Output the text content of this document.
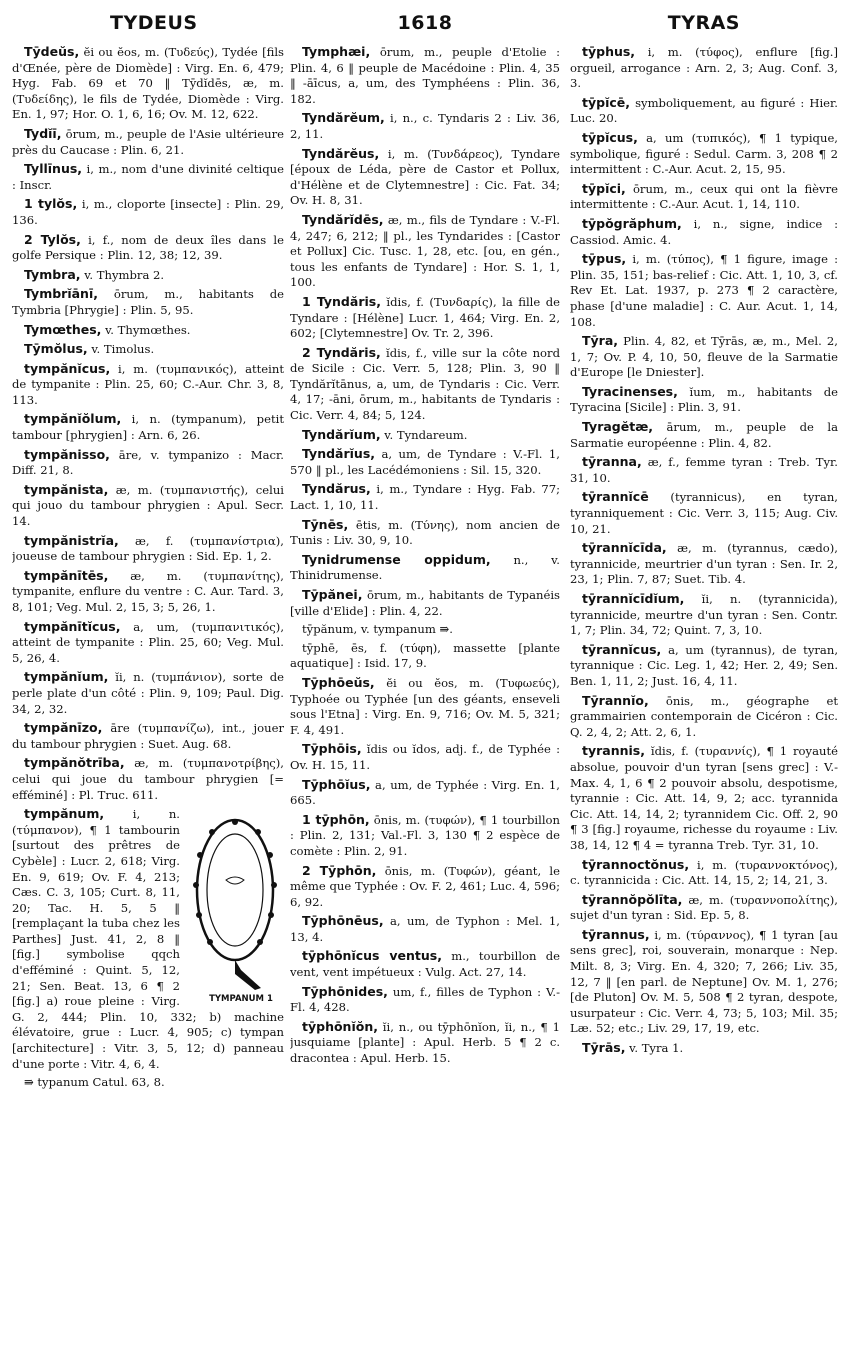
TYDEUS	1618	TYRAS

Tȳdeŭs, ĕi ou ĕos, m. (Τυδεύς), Tydée [fils d'Œnée, père de Diomède] : Virg. En. 6, 479; Hyg. Fab. 69 et 70 ‖ Tȳdĭdēs, æ, m. (Τυδείδης), le fils de Tydée, Diomède : Virg. En. 1, 97; Hor. O. 1, 6, 16; Ov. M. 12, 622.

Tydĭī, ōrum, m., peuple de l'Asie ultérieure près du Caucase : Plin. 6, 21.

Tyllīnus, i, m., nom d'une divinité celtique : Inscr.

1 tylŏs, i, m., cloporte [insecte] : Plin. 29, 136.

2 Tylŏs, i, f., nom de deux îles dans le golfe Persique : Plin. 12, 38; 12, 39.

Tymbra, v. Thymbra 2.

Tymbrĭānī, ōrum, m., habitants de Tymbria [Phrygie] : Plin. 5, 95.

Tymœthes, v. Thymœthes.

Tȳmŏlus, v. Timolus.

tympănĭcus, i, m. (τυμπανικός), atteint de tympanite : Plin. 25, 60; C.-Aur. Chr. 3, 8, 113.

tympănĭŏlum, i, n. (tympanum), petit tambour [phrygien] : Arn. 6, 26.

tympănisso, āre, v. tympanizo : Macr. Diff. 21, 8.

tympănista, æ, m. (τυμπανιστής), celui qui jouo du tambour phrygien : Apul. Secr. 14.

tympănistrĭa, æ, f. (τυμπανίστρια), joueuse de tambour phrygien : Sid. Ep. 1, 2.

tympănītēs, æ, m. (τυμπανίτης), tympanite, enflure du ventre : C. Aur. Tard. 3, 8, 101; Veg. Mul. 2, 15, 3; 5, 26, 1.

tympănītĭcus, a, um, (τυμπανιτικός), atteint de tympanite : Plin. 25, 60; Veg. Mul. 5, 26, 4.

tympănĭum, ĭi, n. (τυμπάνιον), sorte de perle plate d'un côté : Plin. 9, 109; Paul. Dig. 34, 2, 32.

tympănīzo, āre (τυμπανίζω), int., jouer du tambour phrygien : Suet. Aug. 68.

tympănŏtrība, æ, m. (τυμπανοτρίβης), celui qui joue du tambour phrygien [= efféminé] : Pl. Truc. 611.

TYMPANUM 1
tympănum, i, n. (τύμπανον), ¶ 1 tambourin [surtout des prêtres de Cybèle] : Lucr. 2, 618; Virg. En. 9, 619; Ov. F. 4, 213; Cæs. C. 3, 105; Curt. 8, 11, 20; Tac. H. 5, 5 ‖ [remplaçant la tuba chez les Parthes] Just. 41, 2, 8 ‖ [fig.] symbolise qqch d'efféminé : Quint. 5, 12, 21; Sen. Beat. 13, 6 ¶ 2 [fig.] a) roue pleine : Virg. G. 2, 444; Plin. 10, 332; b) machine élévatoire, grue : Lucr. 4, 905; c) tympan [architecture] : Vitr. 3, 5, 12; d) panneau d'une porte : Vitr. 4, 6, 4.

⇛ typanum Catul. 63, 8.

Tymphæi, ōrum, m., peuple d'Etolie : Plin. 4, 6 ‖ peuple de Macédoine : Plin. 4, 35 ‖ -āīcus, a, um, des Tymphéens : Plin. 36, 182.

Tyndărĕum, i, n., c. Tyndaris 2 : Liv. 36, 2, 11.

Tyndărĕus, i, m. (Τυνδάρεος), Tyndare [époux de Léda, père de Castor et Pollux, d'Hélène et de Clytemnestre] : Cic. Fat. 34; Ov. H. 8, 31.

Tyndărĭdēs, æ, m., fils de Tyndare : V.-Fl. 4, 247; 6, 212; ‖ pl., les Tyndarides : [Castor et Pollux] Cic. Tusc. 1, 28, etc. [ou, en gén., tous les enfants de Tyndare] : Hor. S. 1, 1, 100.

1 Tyndăris, ĭdis, f. (Τυνδαρίς), la fille de Tyndare : [Hélène] Lucr. 1, 464; Virg. En. 2, 602; [Clytemnestre] Ov. Tr. 2, 396.

2 Tyndăris, ĭdis, f., ville sur la côte nord de Sicile : Cic. Verr. 5, 128; Plin. 3, 90 ‖ Tyndărĭtānus, a, um, de Tyndaris : Cic. Verr. 4, 17; -āni, ōrum, m., habitants de Tyndaris : Cic. Verr. 4, 84; 5, 124.

Tyndărĭum, v. Tyndareum.

Tyndărĭus, a, um, de Tyndare : V.-Fl. 1, 570 ‖ pl., les Lacédémoniens : Sil. 15, 320.

Tyndărus, i, m., Tyndare : Hyg. Fab. 77; Lact. 1, 10, 11.

Tȳnēs, ētis, m. (Τύνης), nom ancien de Tunis : Liv. 30, 9, 10.

Tynidrumense oppidum, n., v. Thinidrumense.

Tȳpănei, ōrum, m., habitants de Typanéis [ville d'Elide] : Plin. 4, 22.

tȳpănum, v. tympanum ⇛.

tȳphē, ēs, f. (τύφη), massette [plante aquatique] : Isid. 17, 9.

Tȳphōeŭs, ĕi ou ĕos, m. (Τυφωεύς), Typhoée ou Typhée [un des géants, enseveli sous l'Etna] : Virg. En. 9, 716; Ov. M. 5, 321; F. 4, 491.

Tȳphōis, ĭdis ou ĭdos, adj. f., de Typhée : Ov. H. 15, 11.

Tȳphōĭus, a, um, de Typhée : Virg. En. 1, 665.

1 tȳphōn, ōnis, m. (τυφών), ¶ 1 tourbillon : Plin. 2, 131; Val.-Fl. 3, 130 ¶ 2 espèce de comète : Plin. 2, 91.

2 Tȳphōn, ōnis, m. (Τυφών), géant, le même que Typhée : Ov. F. 2, 461; Luc. 4, 596; 6, 92.

Tȳphōnēus, a, um, de Typhon : Mel. 1, 13, 4.

tȳphōnĭcus ventus, m., tourbillon de vent, vent impétueux : Vulg. Act. 27, 14.

Tȳphōnides, um, f., filles de Typhon : V.-Fl. 4, 428.

tȳphōnĭŏn, ĭi, n., ou tȳphōnĭon, ĭi, n., ¶ 1 jusquiame [plante] : Apul. Herb. 5 ¶ 2 c. draconteа : Apul. Herb. 15.

tȳphus, i, m. (τύφος), enflure [fig.] orgueil, arrogance : Arn. 2, 3; Aug. Conf. 3, 3.

tȳpĭcē, symboliquement, au figuré : Hier. Luc. 20.

tȳpĭcus, a, um (τυπικός), ¶ 1 typique, symbolique, figuré : Sedul. Carm. 3, 208 ¶ 2 intermittent : C.-Aur. Acut. 2, 15, 95.

tȳpĭci, ōrum, m., ceux qui ont la fièvre intermittente : C.-Aur. Acut. 1, 14, 110.

tȳpŏgrăphum, i, n., signe, indice : Cassiod. Amic. 4.

tȳpus, i, m. (τύπος), ¶ 1 figure, image : Plin. 35, 151; bas-relief : Cic. Att. 1, 10, 3, cf. Rev Et. Lat. 1937, p. 273 ¶ 2 caractère, phase [d'une maladie] : C. Aur. Acut. 1, 14, 108.

Tȳra, Plin. 4, 82, et Tȳrās, æ, m., Mel. 2, 1, 7; Ov. P. 4, 10, 50, fleuve de la Sarmatie d'Europe [le Dniester].

Tyracinenses, ĭum, m., habitants de Tyracina [Sicile] : Plin. 3, 91.

Tyragĕtæ, ārum, m., peuple de la Sarmatie européenne : Plin. 4, 82.

tȳranna, æ, f., femme tyran : Treb. Tyr. 31, 10.

tȳrannĭcē (tyrannicus), en tyran, tyranniquement : Cic. Verr. 3, 115; Aug. Civ. 10, 21.

tȳrannĭcīda, æ, m. (tyrannus, cædo), tyrannicide, meurtrier d'un tyran : Sen. Ir. 2, 23, 1; Plin. 7, 87; Suet. Tib. 4.

tȳrannĭcīdĭum, ĭi, n. (tyrannicida), tyrannicide, meurtre d'un tyran : Sen. Contr. 1, 7; Plin. 34, 72; Quint. 7, 3, 10.

tȳrannĭcus, a, um (tyrannus), de tyran, tyrannique : Cic. Leg. 1, 42; Her. 2, 49; Sen. Ben. 1, 11, 2; Just. 16, 4, 11.

Tȳrannĭo, ōnis, m., géographe et grammairien contemporain de Cicéron : Cic. Q. 2, 4, 2; Att. 2, 6, 1.

tyrannis, ĭdis, f. (τυραννίς), ¶ 1 royauté absolue, pouvoir d'un tyran [sens grec] : V.-Max. 4, 1, 6 ¶ 2 pouvoir absolu, despotisme, tyrannie : Cic. Att. 14, 9, 2; acc. tyrannida Cic. Att. 14, 14, 2; tyrannidem Cic. Off. 2, 90 ¶ 3 [fig.] royaume, richesse du royaume : Liv. 38, 14, 12 ¶ 4 = tyranna Treb. Tyr. 31, 10.

tȳrannoctŏnus, i, m. (τυραννοκτόνος), c. tyrannicida : Cic. Att. 14, 15, 2; 14, 21, 3.

tȳrannŏpŏlīta, æ, m. (τυραννοπολίτης), sujet d'un tyran : Sid. Ep. 5, 8.

tȳrannus, i, m. (τύραννος), ¶ 1 tyran [au sens grec], roi, souverain, monarque : Nep. Milt. 8, 3; Virg. En. 4, 320; 7, 266; Liv. 35, 12, 7 ‖ [en parl. de Neptune] Ov. M. 1, 276; [de Pluton] Ov. M. 5, 508 ¶ 2 tyran, despote, usurpateur : Cic. Verr. 4, 73; 5, 103; Mil. 35; Læ. 52; etc.; Liv. 29, 17, 19, etc.

Tȳrās, v. Tyra 1.
